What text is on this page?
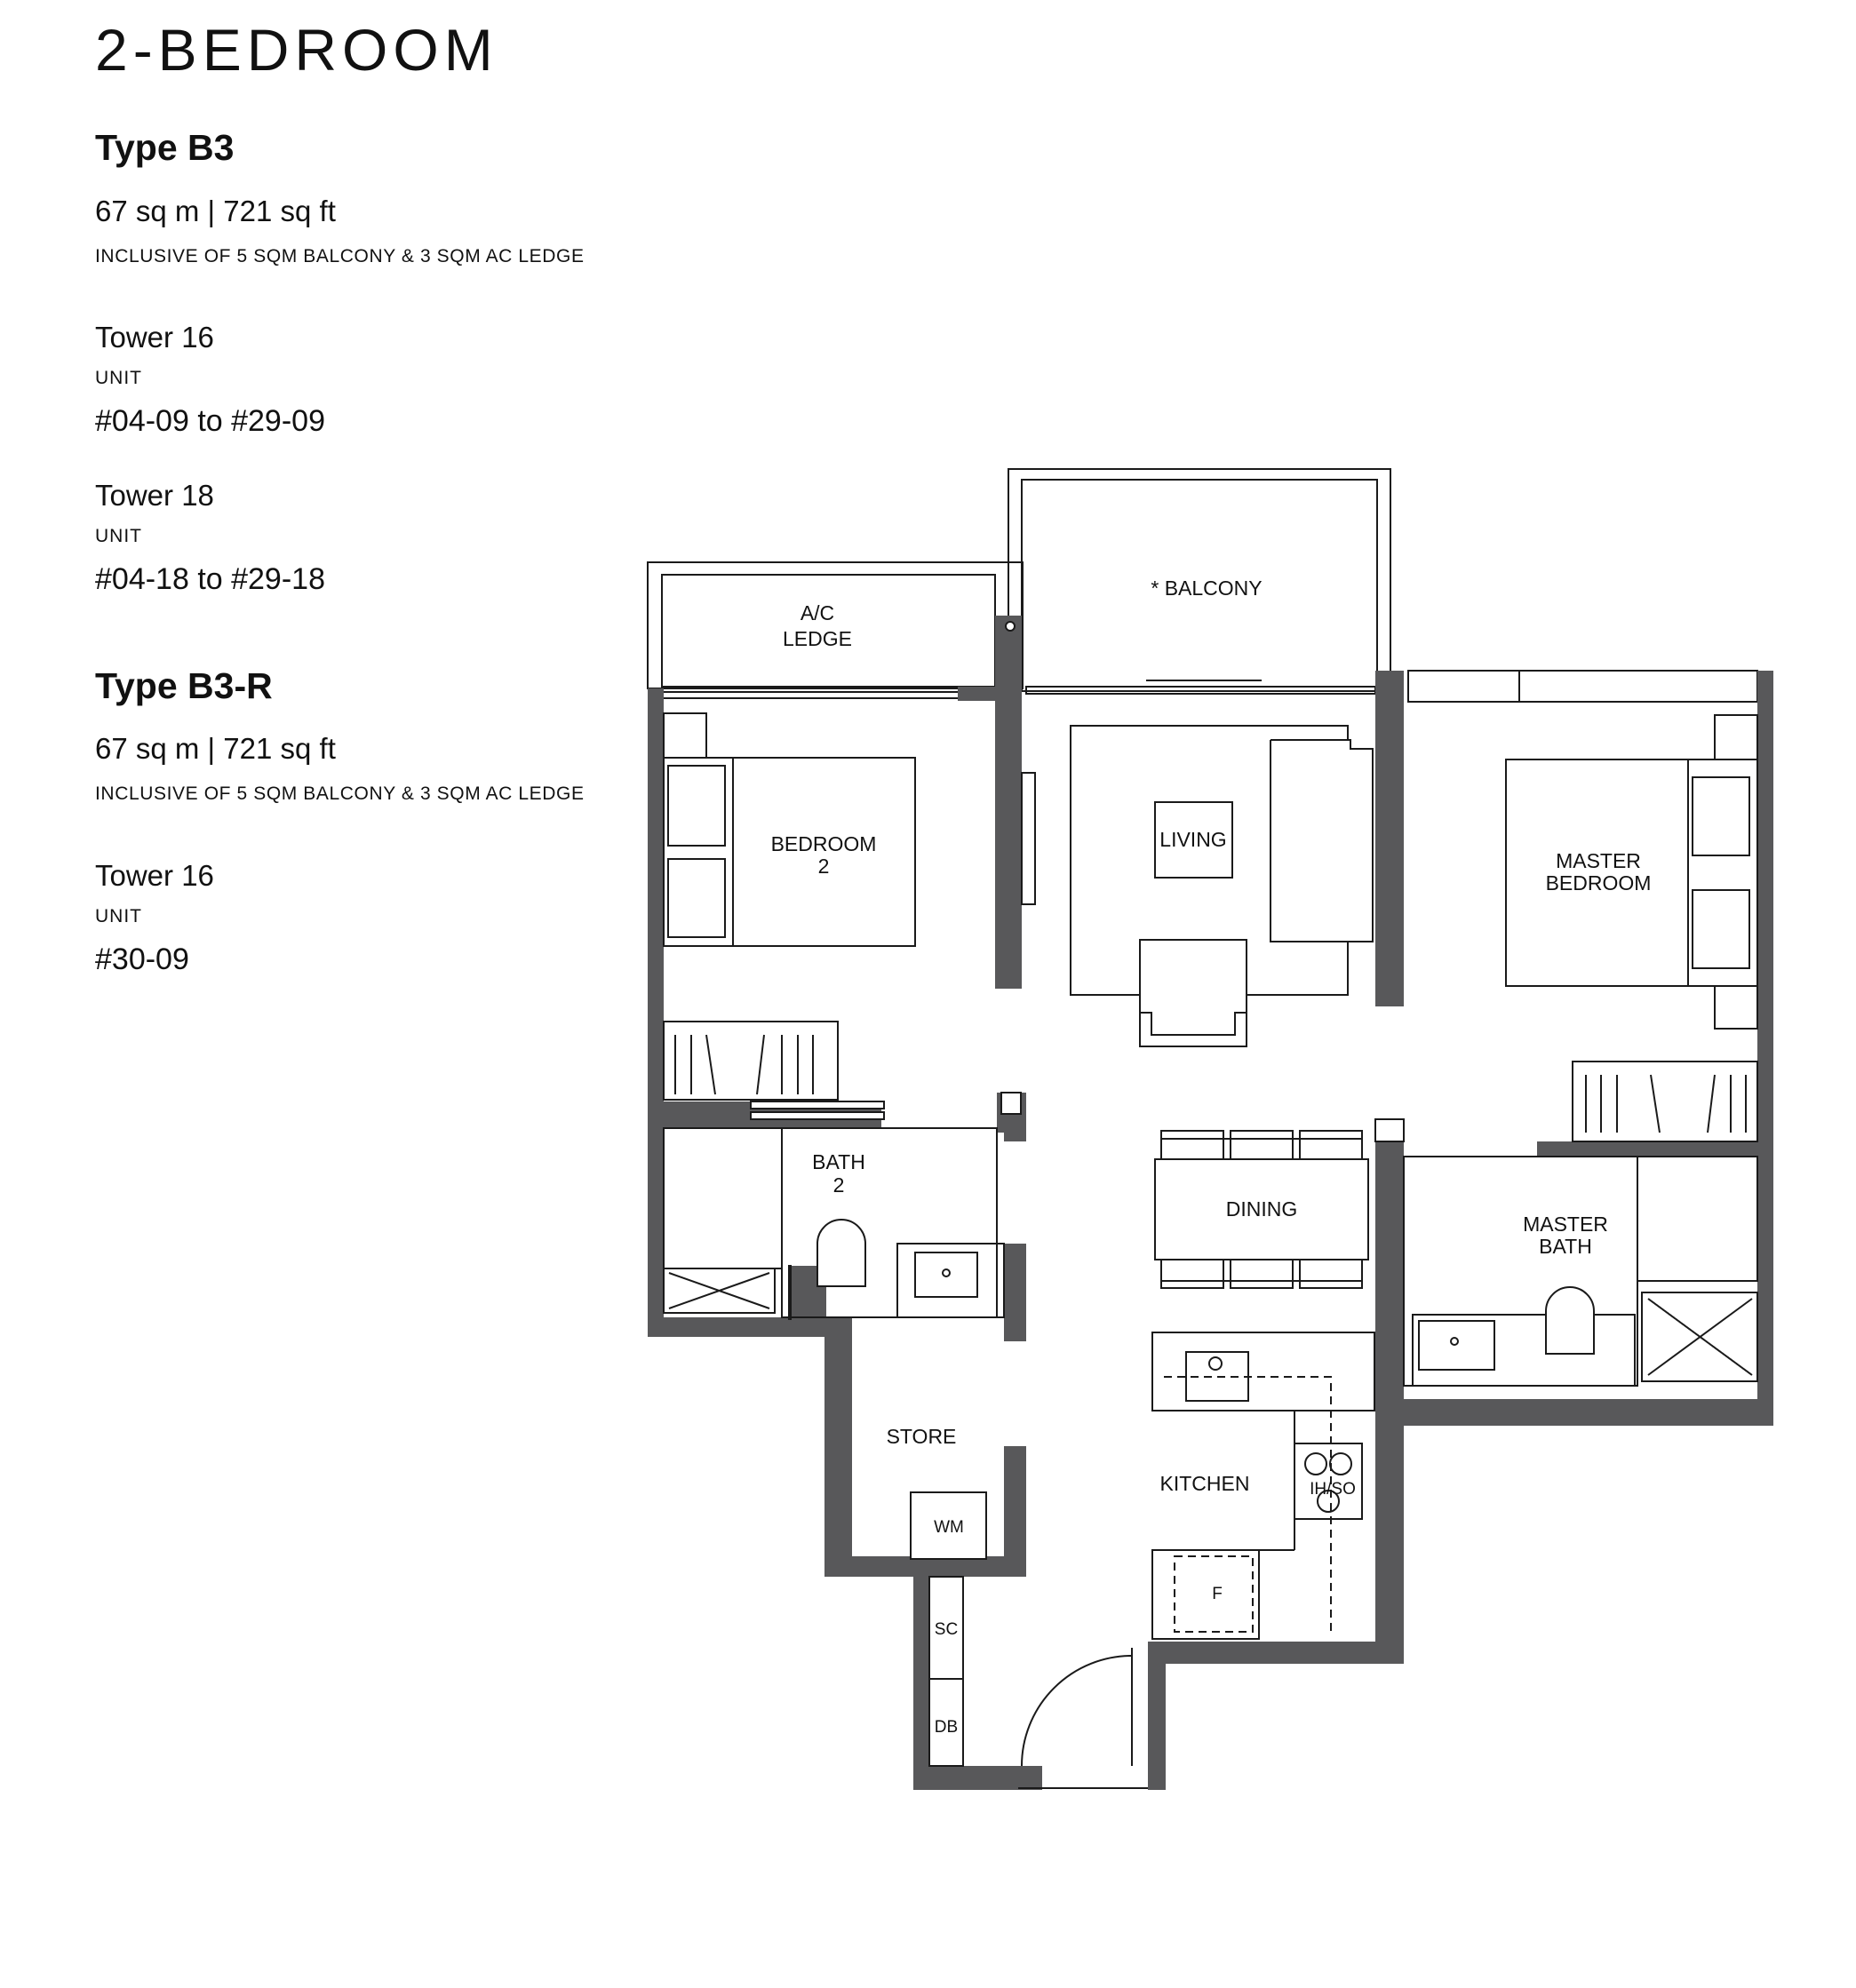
2-BEDROOM
Type B3
67 sq m | 721 sq ft
INCLUSIVE OF 5 SQM BALCONY & 3 SQM AC LEDGE
Tower 16
UNIT
#04-09 to #29-09
Tower 18
UNIT
#04-18 to #29-18
Type B3-R
67 sq m | 721 sq ft
INCLUSIVE OF 5 SQM BALCONY & 3 SQM AC LEDGE
Tower 16
UNIT
#30-09
A/C
LEDGE
* BALCONY
BEDROOM
2
LIVING
MASTER
BEDROOM
BATH
2
DINING
MASTER
BATH
STORE
KITCHEN
WM
SC
DB
F
IH/SO
